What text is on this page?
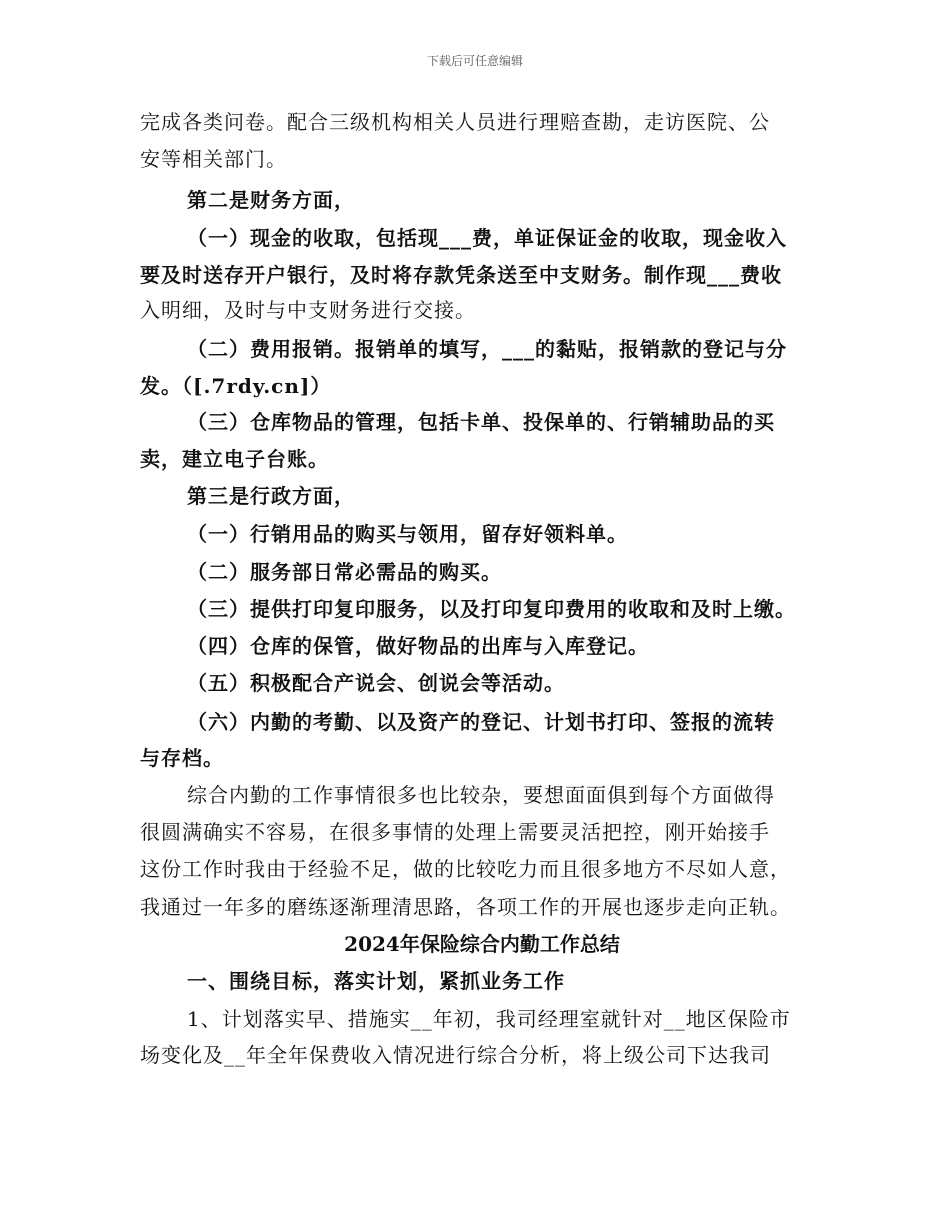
下载后可任意编辑
完成各类问卷。配合三级机构相关人员进行理赔查勘，走访医院、公
安等相关部门。
第二是财务方面，
（一）现金的收取，包括现___费，单证保证金的收取，现金收入
要及时送存开户银行，及时将存款凭条送至中支财务。制作现___费收
入明细，及时与中支财务进行交接。
（二）费用报销。报销单的填写，___的黏贴，报销款的登记与分
发。（[.7rdy.cn]）
（三）仓库物品的管理，包括卡单、投保单的、行销辅助品的买
卖，建立电子台账。
第三是行政方面，
（一）行销用品的购买与领用，留存好领料单。
（二）服务部日常必需品的购买。
（三）提供打印复印服务，以及打印复印费用的收取和及时上缴。
（四）仓库的保管，做好物品的出库与入库登记。
（五）积极配合产说会、创说会等活动。
（六）内勤的考勤、以及资产的登记、计划书打印、签报的流转
与存档。
综合内勤的工作事情很多也比较杂，要想面面俱到每个方面做得
很圆满确实不容易，在很多事情的处理上需要灵活把控，刚开始接手
这份工作时我由于经验不足，做的比较吃力而且很多地方不尽如人意，
我通过一年多的磨练逐渐理清思路，各项工作的开展也逐步走向正轨。
2024年保险综合内勤工作总结
一、围绕目标，落实计划，紧抓业务工作
1、计划落实早、措施实__年初，我司经理室就针对__地区保险市
场变化及__年全年保费收入情况进行综合分析，将上级公司下达我司
